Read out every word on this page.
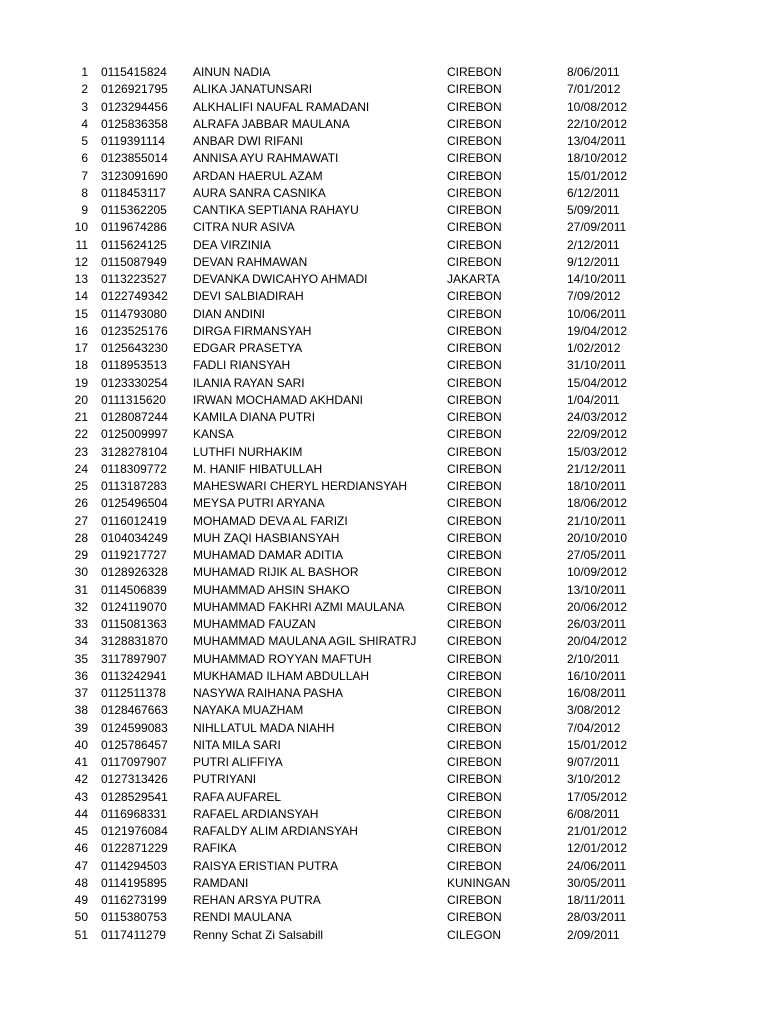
1 0115415824	AINUN NADIA	CIREBON	8/06/2011
2 0126921795	ALIKA JANATUNSARI	CIREBON	7/01/2012
3 0123294456	ALKHALIFI NAUFAL RAMADANI	CIREBON	10/08/2012
4 0125836358	ALRAFA JABBAR MAULANA	CIREBON	22/10/2012
5 0119391114	ANBAR DWI RIFANI	CIREBON	13/04/2011
6 0123855014	ANNISA AYU RAHMAWATI	CIREBON	18/10/2012
7 3123091690	ARDAN HAERUL AZAM	CIREBON	15/01/2012
8 0118453117	AURA SANRA CASNIKA	CIREBON	6/12/2011
9 0115362205	CANTIKA SEPTIANA RAHAYU	CIREBON	5/09/2011
10 0119674286	CITRA NUR ASIVA	CIREBON	27/09/2011
11 0115624125	DEA VIRZINIA	CIREBON	2/12/2011
12 0115087949	DEVAN RAHMAWAN	CIREBON	9/12/2011
13 0113223527	DEVANKA DWICAHYO AHMADI	JAKARTA	14/10/2011
14 0122749342	DEVI SALBIADIRAH	CIREBON	7/09/2012
15 0114793080	DIAN ANDINI	CIREBON	10/06/2011
16 0123525176	DIRGA FIRMANSYAH	CIREBON	19/04/2012
17 0125643230	EDGAR PRASETYA	CIREBON	1/02/2012
18 0118953513	FADLI RIANSYAH	CIREBON	31/10/2011
19 0123330254	ILANIA RAYAN SARI	CIREBON	15/04/2012
20 0111315620	IRWAN MOCHAMAD AKHDANI	CIREBON	1/04/2011
21 0128087244	KAMILA DIANA PUTRI	CIREBON	24/03/2012
22 0125009997	KANSA	CIREBON	22/09/2012
23 3128278104	LUTHFI NURHAKIM	CIREBON	15/03/2012
24 0118309772	M. HANIF HIBATULLAH	CIREBON	21/12/2011
25 0113187283	MAHESWARI CHERYL HERDIANSYAH	CIREBON	18/10/2011
26 0125496504	MEYSA PUTRI ARYANA	CIREBON	18/06/2012
27 0116012419	MOHAMAD DEVA AL FARIZI	CIREBON	21/10/2011
28 0104034249	MUH ZAQI HASBIANSYAH	CIREBON	20/10/2010
29 0119217727	MUHAMAD DAMAR ADITIA	CIREBON	27/05/2011
30 0128926328	MUHAMAD RIJIK AL BASHOR	CIREBON	10/09/2012
31 0114506839	MUHAMMAD AHSIN SHAKO	CIREBON	13/10/2011
32 0124119070	MUHAMMAD FAKHRI AZMI MAULANA	CIREBON	20/06/2012
33 0115081363	MUHAMMAD FAUZAN	CIREBON	26/03/2011
34 3128831870	MUHAMMAD MAULANA AGIL SHIRATRJ	CIREBON	20/04/2012
35 3117897907	MUHAMMAD ROYYAN MAFTUH	CIREBON	2/10/2011
36 0113242941	MUKHAMAD ILHAM ABDULLAH	CIREBON	16/10/2011
37 0112511378	NASYWA RAIHANA PASHA	CIREBON	16/08/2011
38 0128467663	NAYAKA MUAZHAM	CIREBON	3/08/2012
39 0124599083	NIHLLATUL MADA NIAHH	CIREBON	7/04/2012
40 0125786457	NITA MILA SARI	CIREBON	15/01/2012
41 0117097907	PUTRI ALIFFIYA	CIREBON	9/07/2011
42 0127313426	PUTRIYANI	CIREBON	3/10/2012
43 0128529541	RAFA AUFAREL	CIREBON	17/05/2012
44 0116968331	RAFAEL ARDIANSYAH	CIREBON	6/08/2011
45 0121976084	RAFALDY ALIM ARDIANSYAH	CIREBON	21/01/2012
46 0122871229	RAFIKA	CIREBON	12/01/2012
47 0114294503	RAISYA ERISTIAN PUTRA	CIREBON	24/06/2011
48 0114195895	RAMDANI	KUNINGAN	30/05/2011
49 0116273199	REHAN ARSYA PUTRA	CIREBON	18/11/2011
50 0115380753	RENDI MAULANA	CIREBON	28/03/2011
51 0117411279	Renny Schat Zi Salsabill	CILEGON	2/09/2011
